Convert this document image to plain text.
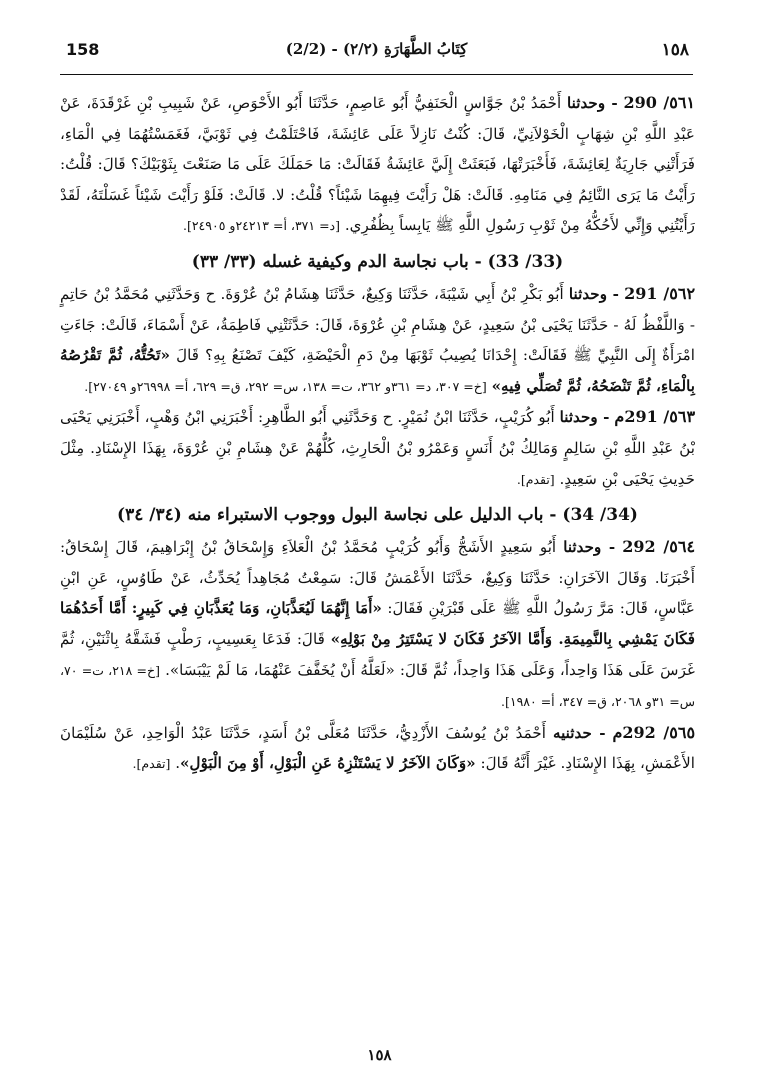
158	(2/2) - كِتَابُ الطَّهَارَةِ (٢/٢)	١٥٨

٥٦١/ 290 - وحدثنا أَحْمَدُ بْنُ جَوَّاسٍ الْحَنَفِيُّ أَبُو عَاصِمٍ، حَدَّثَنَا أَبُو الأَحْوَصِ، عَنْ شَبِيبِ بْنِ غَرْقَدَةَ، عَنْ عَبْدِ اللَّهِ بْنِ شِهَابٍ الْخَوْلاَنِيِّ، قَالَ: كُنْتُ نَازِلاً عَلَى عَائِشَةَ، فَاحْتَلَمْتُ فِي ثَوْبَيَّ، فَغَمَسْتُهُمَا فِي الْمَاءِ، فَرَأَتْنِي جَارِيَةٌ لِعَائِشَةَ، فَأَخْبَرَتْهَا، فَبَعَثَتْ إِلَيَّ عَائِشَةُ فَقَالَتْ: مَا حَمَلَكَ عَلَى مَا صَنَعْتَ بِثَوْبَيْكَ؟ قَالَ: قُلْتُ: رَأَيْتُ مَا يَرَى النَّائِمُ فِي مَنَامِهِ. قَالَتْ: هَلْ رَأَيْتَ فِيهِمَا شَيْئاً؟ قُلْتُ: لا. قَالَتْ: فَلَوْ رَأَيْتَ شَيْئاً غَسَلْتَهُ، لَقَدْ رَأَيْتُنِي وَإِنِّي لأَحُكُّهُ مِنْ ثَوْبِ رَسُولِ اللَّهِ ﷺ يَابِساً بِظُفُرِي. [د= ٣٧١، أ= ٢٤٢١٣و ٢٤٩٠٥].

(33/ 33) - باب نجاسة الدم وكيفية غسله (٣٣/ ٣٣)

٥٦٢/ 291 - وحدثنا أَبُو بَكْرِ بْنُ أَبِي شَيْبَةَ، حَدَّثَنَا وَكِيعٌ، حَدَّثَنَا هِشَامُ بْنُ عُرْوَةَ. ح وَحَدَّثَنِي مُحَمَّدُ بْنُ حَاتِمٍ - وَاللَّفْظُ لَهُ - حَدَّثَنَا يَحْيَى بْنُ سَعِيدٍ، عَنْ هِشَامِ بْنِ عُرْوَةَ، قَالَ: حَدَّثَتْنِي فَاطِمَةُ، عَنْ أَسْمَاءَ، قَالَتْ: جَاءَتِ امْرَأَةٌ إِلَى النَّبِيِّ ﷺ فَقَالَتْ: إِحْدَانَا يُصِيبُ ثَوْبَهَا مِنْ دَمِ الْحَيْضَةِ، كَيْفَ تَصْنَعُ بِهِ؟ قَالَ «تَحُتُّهُ، ثُمَّ تَقْرُصُهُ بِالْمَاءِ، ثُمَّ تَنْضَحُهُ، ثُمَّ تُصَلِّي فِيهِ» [خ= ٣٠٧، د= ٣٦١و ٣٦٢، ت= ١٣٨، س= ٢٩٢، ق= ٦٢٩، أ= ٢٦٩٩٨و ٢٧٠٤٩].

٥٦٣/ 291م - وحدثنا أَبُو كُرَيْبٍ، حَدَّثَنَا ابْنُ نُمَيْرٍ. ح وَحَدَّثَنِي أَبُو الطَّاهِرِ: أَخْبَرَنِي ابْنُ وَهْبٍ، أَخْبَرَنِي يَحْيَى بْنُ عَبْدِ اللَّهِ بْنِ سَالِمٍ وَمَالِكُ بْنُ أَنَسٍ وَعَمْرُو بْنُ الْحَارِثِ، كُلُّهُمْ عَنْ هِشَامِ بْنِ عُرْوَةَ، بِهَذَا الإِسْنَادِ. مِثْلَ حَدِيثِ يَحْيَى بْنِ سَعِيدٍ. [تقدم].

(34/ 34) - باب الدليل على نجاسة البول ووجوب الاستبراء منه (٣٤/ ٣٤)

٥٦٤/ 292 - وحدثنا أَبُو سَعِيدٍ الأَشَجُّ وَأَبُو كُرَيْبٍ مُحَمَّدُ بْنُ الْعَلاَءِ وَإِسْحَاقُ بْنُ إِبْرَاهِيمَ، قَالَ إِسْحَاقُ: أَخْبَرَنَا. وَقَالَ الآخَرَانِ: حَدَّثَنَا وَكِيعٌ، حَدَّثَنَا الأَعْمَشُ قَالَ: سَمِعْتُ مُجَاهِداً يُحَدِّثُ، عَنْ طَاوُسٍ، عَنِ ابْنِ عَبَّاسٍ، قَالَ: مَرَّ رَسُولُ اللَّهِ ﷺ عَلَى قَبْرَيْنِ فَقَالَ: «أَمَا إِنَّهُمَا لَيُعَذَّبَانِ، وَمَا يُعَذَّبَانِ فِي كَبِيرٍ: أَمَّا أَحَدُهُمَا فَكَانَ يَمْشِي بِالنَّمِيمَةِ. وَأَمَّا الآخَرُ فَكَانَ لا يَسْتَتِرُ مِنْ بَوْلِهِ» قَالَ: فَدَعَا بِعَسِيبٍ، رَطْبٍ فَشَقَّهُ بِاثْنَيْنِ، ثُمَّ غَرَسَ عَلَى هَذَا وَاحِداً، وَعَلَى هَذَا وَاحِداً، ثُمَّ قَالَ: «لَعَلَّهُ أَنْ يُخَفَّفَ عَنْهُمَا، مَا لَمْ يَيْبَسَا». [خ= ٢١٨، ت= ٧٠، س= ٣١و ٢٠٦٨، ق= ٣٤٧، أ= ١٩٨٠].

٥٦٥/ 292م - حدثنيه أَحْمَدُ بْنُ يُوسُفَ الأَزْدِيُّ، حَدَّثَنَا مُعَلَّى بْنُ أَسَدٍ، حَدَّثَنَا عَبْدُ الْوَاحِدِ، عَنْ سُلَيْمَانَ الأَعْمَشِ، بِهَذَا الإِسْنَادِ. غَيْرَ أَنَّهُ قَالَ: «وَكَانَ الآخَرُ لا يَسْتَنْزِهُ عَنِ الْبَوْلِ، أَوْ مِنَ الْبَوْلِ». [تقدم].

١٥٨
